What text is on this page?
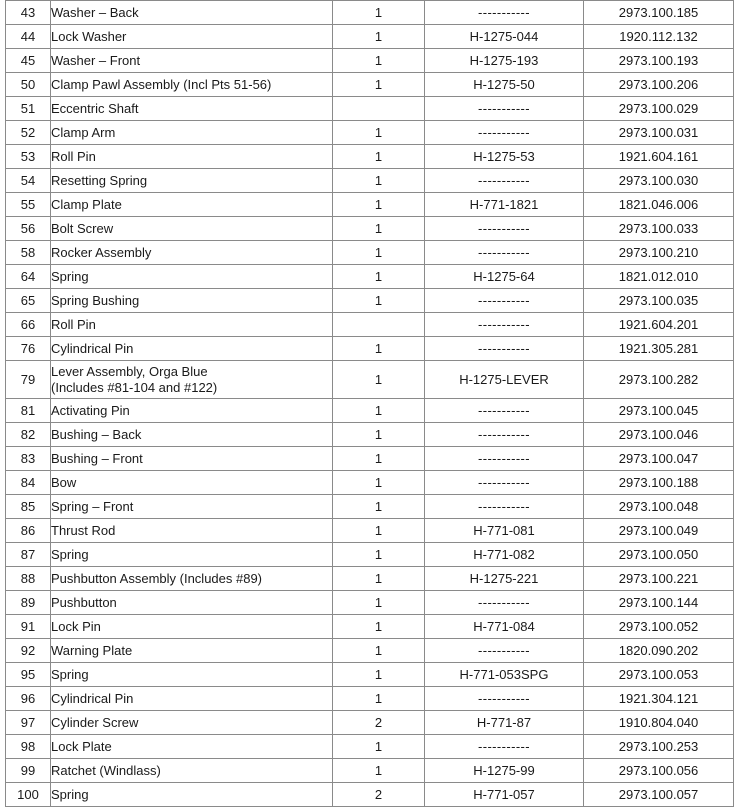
43	Washer – Back	1	-----------	2973.100.185
44	Lock Washer	1	H-1275-044	1920.112.132
45	Washer – Front	1	H-1275-193	2973.100.193
50	Clamp Pawl Assembly (Incl Pts 51-56)	1	H-1275-50	2973.100.206
51	Eccentric Shaft		-----------	2973.100.029
52	Clamp Arm	1	-----------	2973.100.031
53	Roll Pin	1	H-1275-53	1921.604.161
54	Resetting Spring	1	-----------	2973.100.030
55	Clamp Plate	1	H-771-1821	1821.046.006
56	Bolt Screw	1	-----------	2973.100.033
58	Rocker Assembly	1	-----------	2973.100.210
64	Spring	1	H-1275-64	1821.012.010
65	Spring Bushing	1	-----------	2973.100.035
66	Roll Pin		-----------	1921.604.201
76	Cylindrical Pin	1	-----------	1921.305.281
79	Lever Assembly, Orga Blue
(Includes #81-104 and #122)	1	H-1275-LEVER	2973.100.282
81	Activating Pin	1	-----------	2973.100.045
82	Bushing – Back	1	-----------	2973.100.046
83	Bushing – Front	1	-----------	2973.100.047
84	Bow	1	-----------	2973.100.188
85	Spring – Front	1	-----------	2973.100.048
86	Thrust Rod	1	H-771-081	2973.100.049
87	Spring	1	H-771-082	2973.100.050
88	Pushbutton Assembly (Includes #89)	1	H-1275-221	2973.100.221
89	Pushbutton	1	-----------	2973.100.144
91	Lock Pin	1	H-771-084	2973.100.052
92	Warning Plate	1	-----------	1820.090.202
95	Spring	1	H-771-053SPG	2973.100.053
96	Cylindrical Pin	1	-----------	1921.304.121
97	Cylinder Screw	2	H-771-87	1910.804.040
98	Lock Plate	1	-----------	2973.100.253
99	Ratchet (Windlass)	1	H-1275-99	2973.100.056
100	Spring	2	H-771-057	2973.100.057
